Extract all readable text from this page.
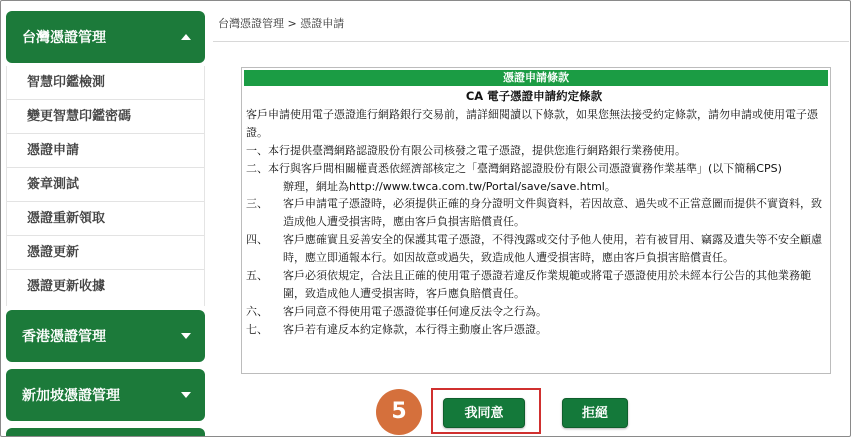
台灣憑證管理
智慧印鑑檢測
變更智慧印鑑密碼
憑證申請
簽章測試
憑證重新領取
憑證更新
憑證更新收據
香港憑證管理
新加坡憑證管理
台灣憑證管理 > 憑證申請
憑證申請條款
CA 電子憑證申請約定條款
客戶申請使用電子憑證進行網路銀行交易前，請詳細閱讀以下條款，如果您無法接受約定條款，請勿申請或使用電子憑證。
一、本行提供臺灣網路認證股份有限公司核發之電子憑證，提供您進行網路銀行業務使用。
二、本行與客戶間相關權責悉依經濟部核定之「臺灣網路認證股份有限公司憑證實務作業基準」(以下簡稱CPS)
辦理，網址為http://www.twca.com.tw/Portal/save/save.html。
三、 客戶申請電子憑證時，必須提供正確的身分證明文件與資料，若因故意、過失或不正當意圖而提供不實資料，致造成他人遭受損害時，應由客戶負損害賠償責任。
四、 客戶應確實且妥善安全的保護其電子憑證，不得洩露或交付予他人使用，若有被冒用、竊露及遺失等不安全顧慮時，應立即通報本行。如因故意或過失，致造成他人遭受損害時，應由客戶負損害賠償責任。
五、 客戶必須依規定，合法且正確的使用電子憑證若違反作業規範或將電子憑證使用於未經本行公告的其他業務範圍，致造成他人遭受損害時，客戶應負賠償責任。
六、 客戶同意不得使用電子憑證從事任何違反法令之行為。
七、 客戶若有違反本約定條款，本行得主動廢止客戶憑證。
5	我同意	拒絕
